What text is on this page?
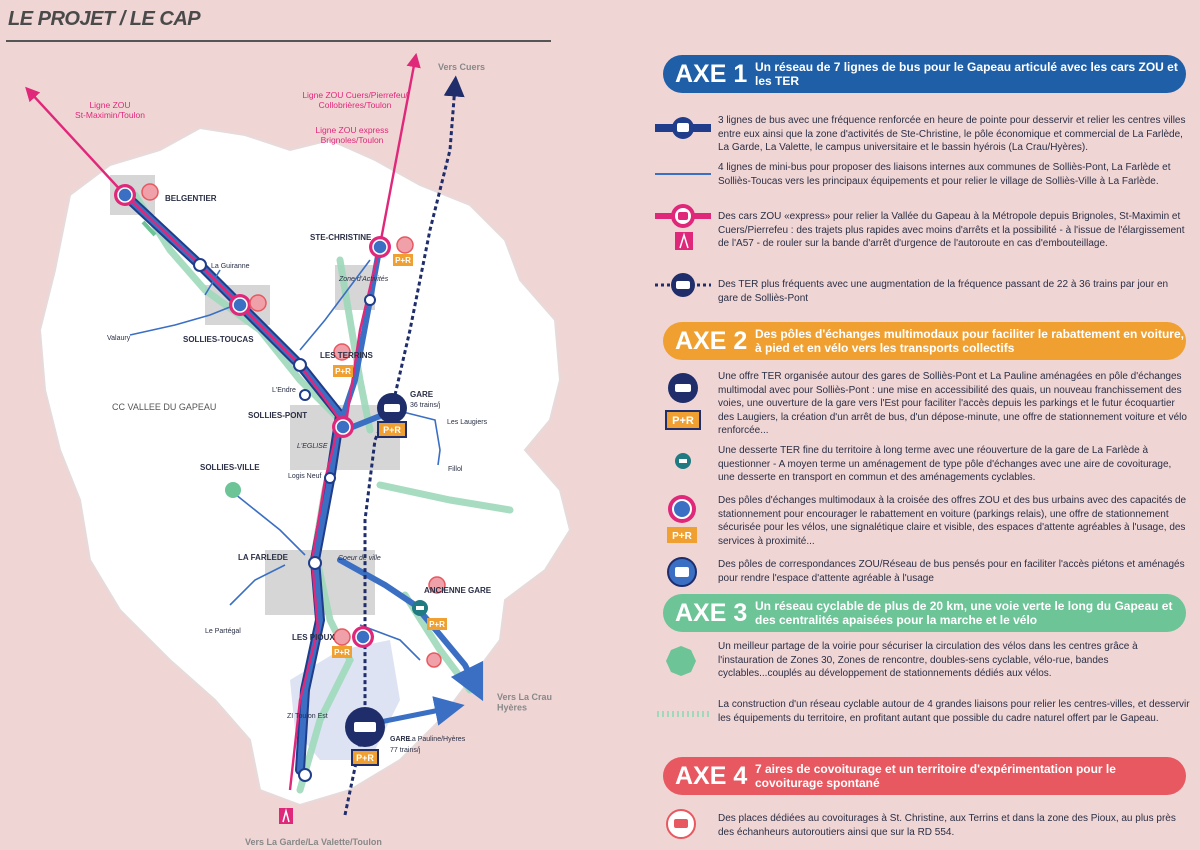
LE PROJET / LE CAP
P+R
P+R
P+R
P+R
P+R
P+R
BELGENTIER
La Guiranne
Valaury	SOLLIES-TOUCAS
STE-CHRISTINE
Zone d'Activités
LES TERRINS
L'Endre
SOLLIES-PONT
L'EGLISE
GARE
36 trains/j
Les Laugiers
Fillol
CC VALLEE DU GAPEAU
SOLLIES-VILLE
Logis Neuf
LA FARLEDE	Coeur de ville
Le Partégal
ANCIENNE GARE
LES PIOUX
ZI Toulon Est
GARE
La Pauline/Hyères
77 trains/j
Ligne ZOU St-Maximin/Toulon
Ligne ZOU Cuers/Pierrefeu/ Collobrières/Toulon
Ligne ZOU express Brignoles/Toulon
Vers Cuers
Vers La Crau Hyères
Vers La Garde/La Valette/Toulon
AXE 1 Un réseau de 7 lignes de bus pour le Gapeau articulé avec les cars ZOU et les TER
AXE 2 Des pôles d'échanges multimodaux pour faciliter le rabattement en voiture, à pied et en vélo vers les transports collectifs
AXE 3 Un réseau cyclable de plus de 20 km, une voie verte le long du Gapeau et des centralités apaisées pour la marche et le vélo
AXE 4 7 aires de covoiturage et un territoire d'expérimentation pour le covoiturage spontané
P+R
P+R
3 lignes de bus avec une fréquence renforcée en heure de pointe pour desservir et relier les centres villes entre eux ainsi que la zone d'activités de Ste-Christine, le pôle économique et commercial de La Farlède, La Garde, La Valette, le campus universitaire et le bassin hyérois (La Crau/Hyères).
4 lignes de mini-bus pour proposer des liaisons internes aux communes de Solliès-Pont, La Farlède et Solliès-Toucas vers les principaux équipements et pour relier le village de Solliès-Ville à La Farlède.
Des cars ZOU «express» pour relier la Vallée du Gapeau à la Métropole depuis Brignoles, St-Maximin et Cuers/Pierrefeu : des trajets plus rapides avec moins d'arrêts et la possibilité - à l'issue de l'élargissement de l'A57 - de rouler sur la bande d'arrêt d'urgence de l'autoroute en cas d'embouteillage.
Des TER plus fréquents avec une augmentation de la fréquence passant de 22 à 36 trains par jour en gare de Solliès-Pont
Une offre TER organisée autour des gares de Solliès-Pont et La Pauline aménagées en pôle d'échanges multimodal avec pour Solliès-Pont : une mise en accessibilité des quais, un nouveau franchissement des voies, une ouverture de la gare vers l'Est pour faciliter l'accès depuis les parkings et le futur écoquartier des Laugiers, la création d'un arrêt de bus, d'un dépose-minute, une offre de stationnement voiture et vélo renforcée...
Une desserte TER fine du territoire à long terme avec une réouverture de la gare de La Farlède à questionner - A moyen terme un aménagement de type pôle d'échanges avec une aire de covoiturage, une desserte en transport en commun et des aménagements cyclables.
Des pôles d'échanges multimodaux à la croisée des offres ZOU et des bus urbains avec des capacités de stationnement pour encourager le rabattement en voiture (parkings relais), une offre de stationnement sécurisée pour les vélos, une signalétique claire et visible, des espaces d'attente agréables à l'usage, des services à proximité...
Des pôles de correspondances ZOU/Réseau de bus pensés pour en faciliter l'accès piétons et aménagés pour rendre l'espace d'attente agréable à l'usage
Un meilleur partage de la voirie pour sécuriser la circulation des vélos dans les centres grâce à l'instauration de Zones 30, Zones de rencontre, doubles-sens cyclable, vélo-rue, bandes cyclables...couplés au développement de stationnements dédiés aux vélos.
La construction d'un réseau cyclable autour de 4 grandes liaisons pour relier les centres-villes, et desservir les équipements du territoire, en profitant autant que possible du cadre naturel offert par le Gapeau.
Des places dédiées au covoiturages à St. Christine, aux Terrins et dans la zone des Pioux, au plus près des échanheurs autoroutiers ainsi que sur la RD 554.
